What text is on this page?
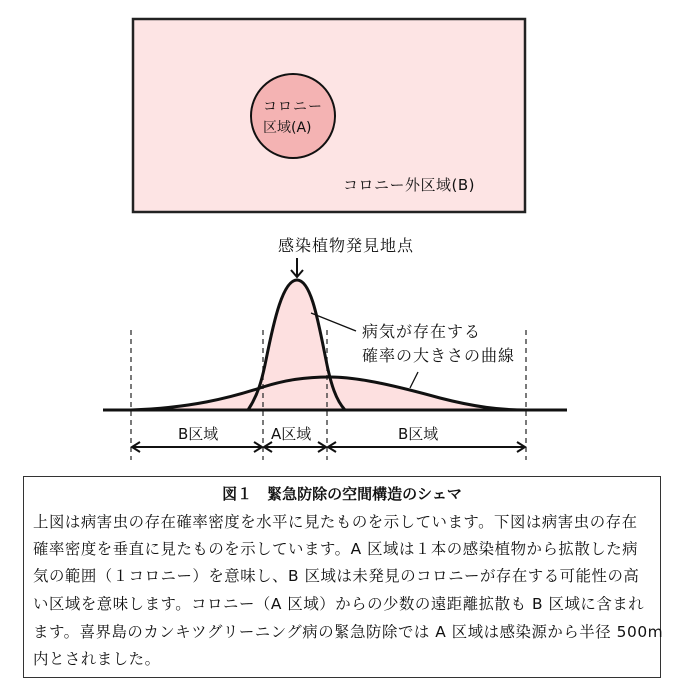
コロニー
区域(A)
コロニー外区域(B)
感染植物発見地点
病気が存在する
確率の大きさの曲線
B区域	A区域	B区域
図１　緊急防除の空間構造のシェマ
上図は病害虫の存在確率密度を水平に見たものを示しています。下図は病害虫の存在
確率密度を垂直に見たものを示しています。A 区域は１本の感染植物から拡散した病
気の範囲（１コロニー）を意味し、B 区域は未発見のコロニーが存在する可能性の高
い区域を意味します。コロニー（A 区域）からの少数の遠距離拡散も B 区域に含まれ
ます。喜界島のカンキツグリーニング病の緊急防除では A 区域は感染源から半径 500m
内とされました。
